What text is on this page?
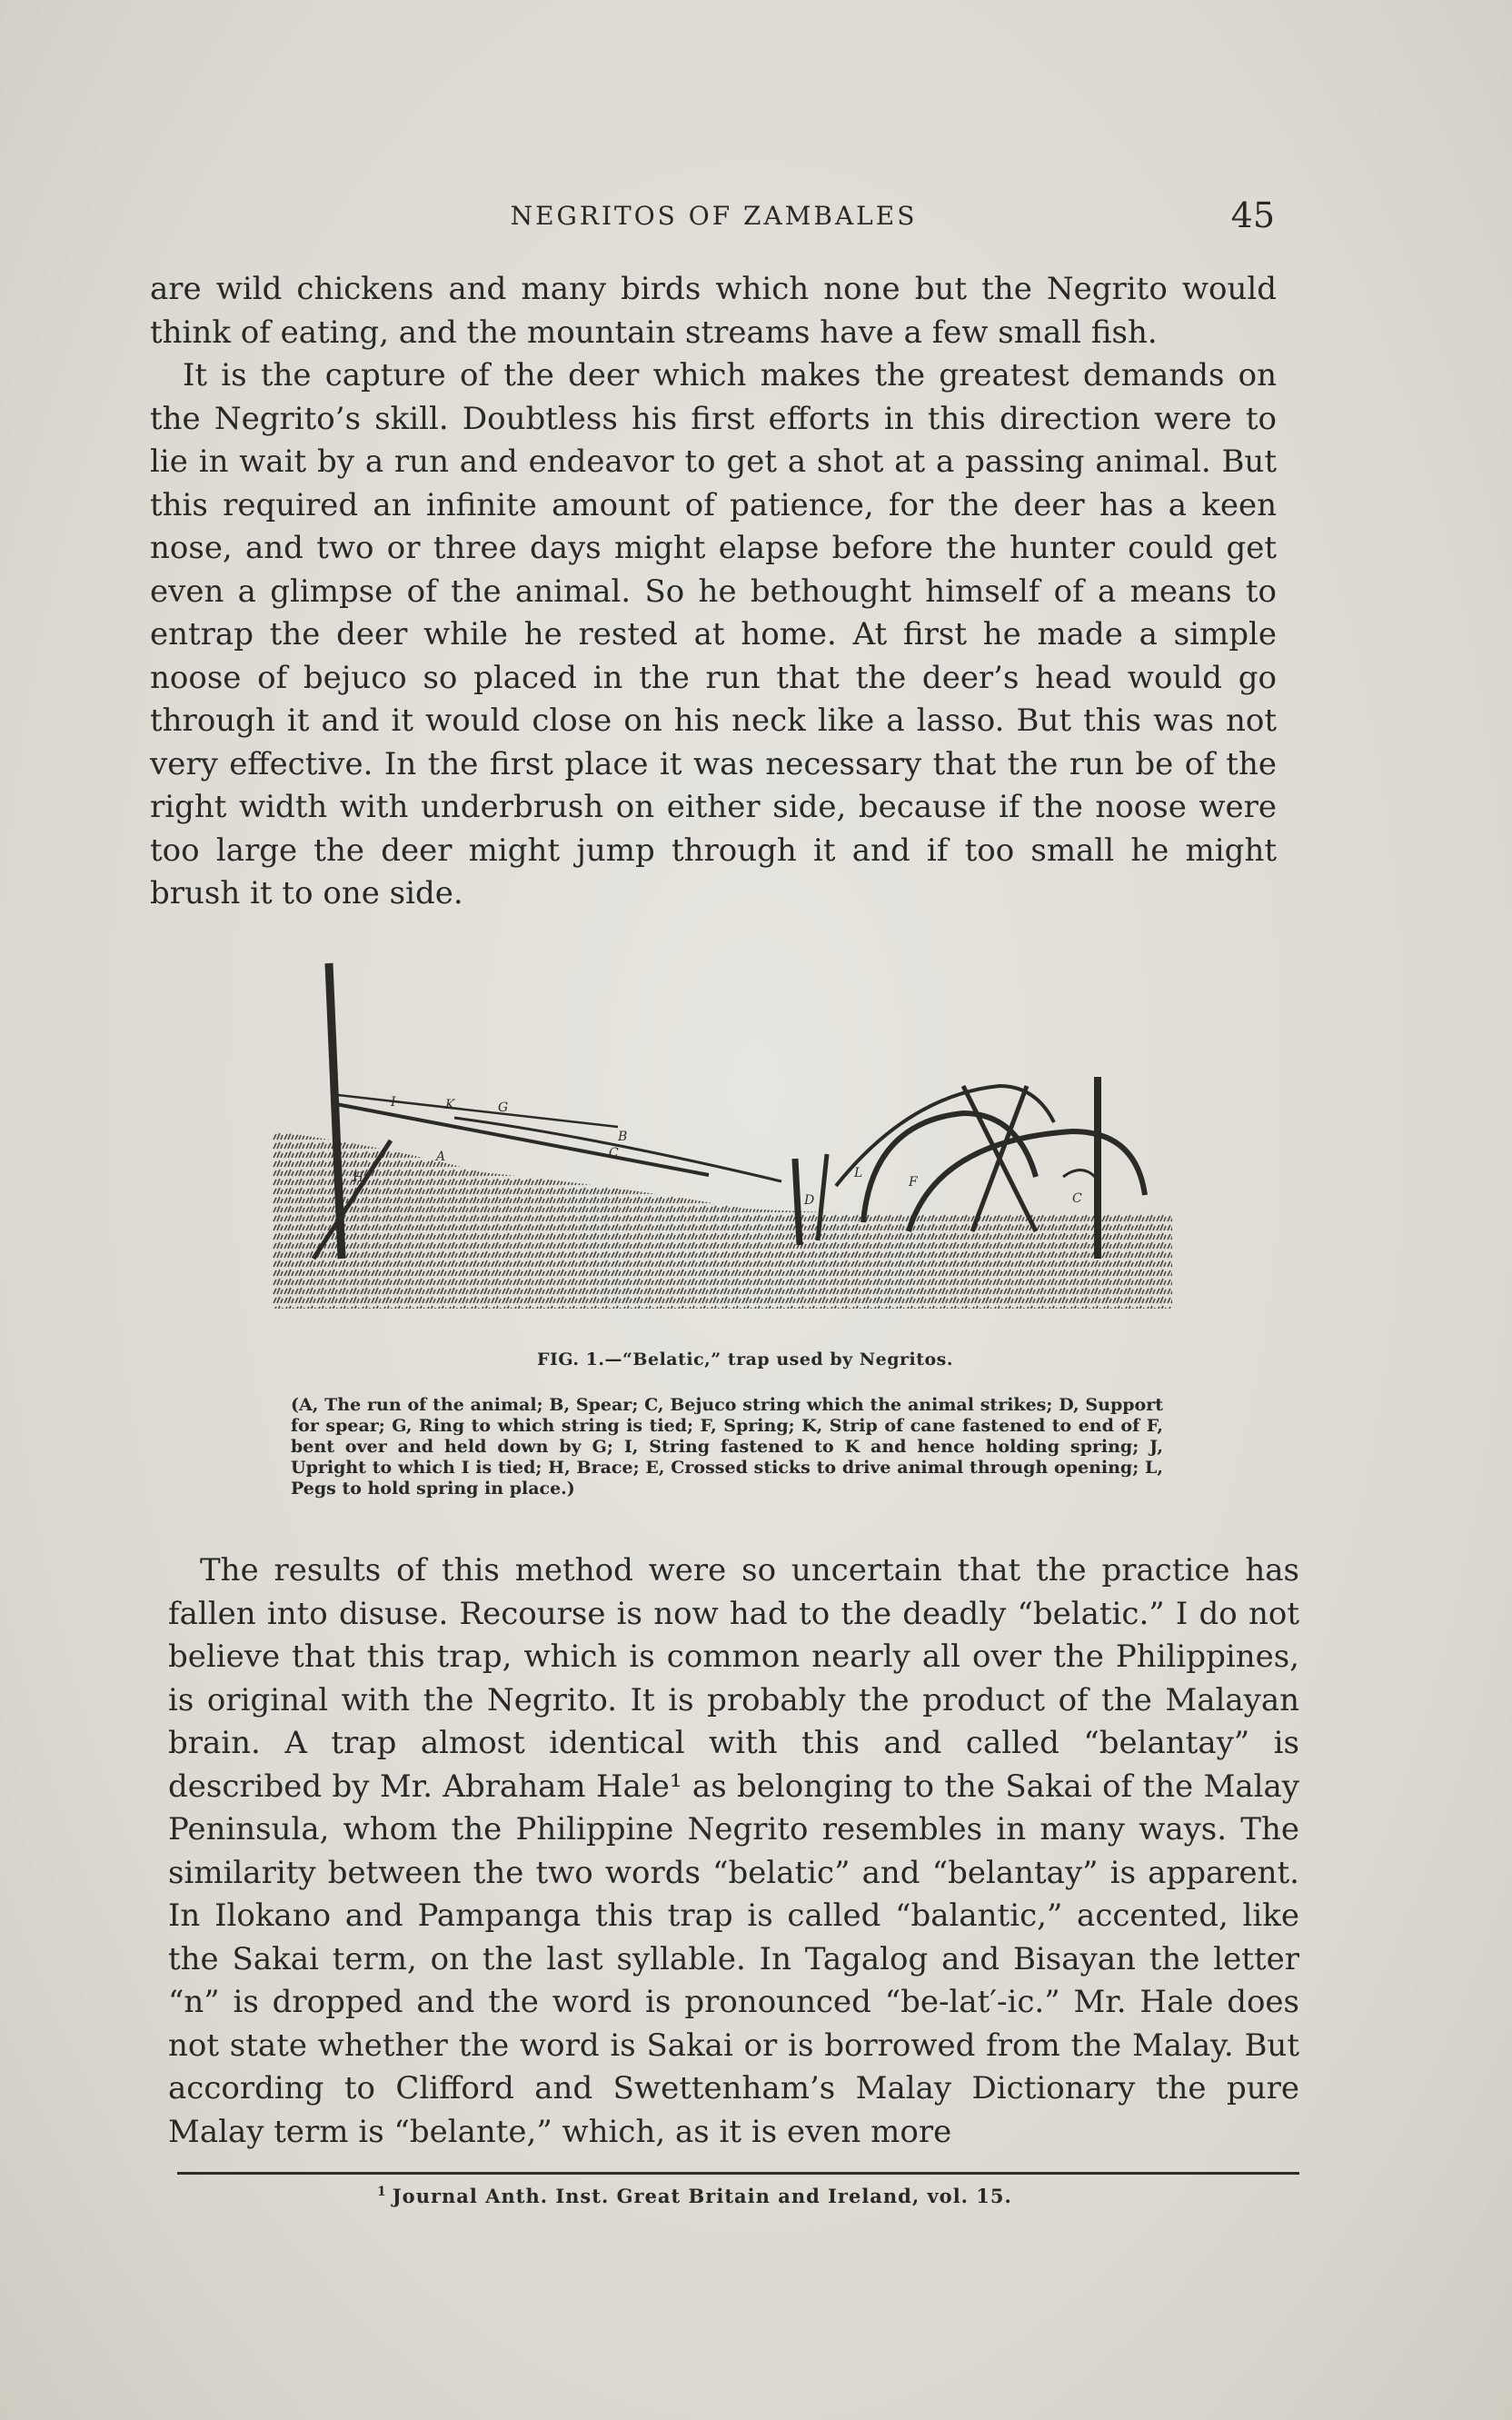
NEGRITOS OF ZAMBALES	45

are wild chickens and many birds which none but the Negrito would think of eating, and the mountain streams have a few small fish.

It is the capture of the deer which makes the greatest demands on the Negrito’s skill. Doubtless his first efforts in this direction were to lie in wait by a run and endeavor to get a shot at a passing animal. But this required an infinite amount of patience, for the deer has a keen nose, and two or three days might elapse before the hunter could get even a glimpse of the animal. So he bethought himself of a means to entrap the deer while he rested at home. At first he made a simple noose of bejuco so placed in the run that the deer’s head would go through it and it would close on his neck like a lasso. But this was not very effective. In the first place it was necessary that the run be of the right width with underbrush on either side, because if the noose were too large the deer might jump through it and if too small he might brush it to one side.

I	K	G
B
C
D
F
C
A
H	L
FIG. 1.—“Belatic,” trap used by Negritos.
(A, The run of the animal; B, Spear; C, Bejuco string which the animal strikes; D, Support for spear; G, Ring to which string is tied; F, Spring; K, Strip of cane fastened to end of F, bent over and held down by G; I, String fastened to K and hence holding spring; J, Upright to which I is tied; H, Brace; E, Crossed sticks to drive animal through opening; L, Pegs to hold spring in place.)

The results of this method were so uncertain that the practice has fallen into disuse. Recourse is now had to the deadly “belatic.” I do not believe that this trap, which is common nearly all over the Philippines, is original with the Negrito. It is probably the product of the Malayan brain. A trap almost identical with this and called “belantay” is described by Mr. Abraham Hale¹ as belonging to the Sakai of the Malay Peninsula, whom the Philippine Negrito resembles in many ways. The similarity between the two words “belatic” and “belantay” is apparent. In Ilokano and Pampanga this trap is called “balantic,” accented, like the Sakai term, on the last syllable. In Tagalog and Bisayan the letter “n” is dropped and the word is pronounced “be-lat′-ic.” Mr. Hale does not state whether the word is Sakai or is borrowed from the Malay. But according to Clifford and Swettenham’s Malay Dictionary the pure Malay term is “belante,” which, as it is even more

$^1$ Journal Anth. Inst. Great Britain and Ireland, vol. 15.
